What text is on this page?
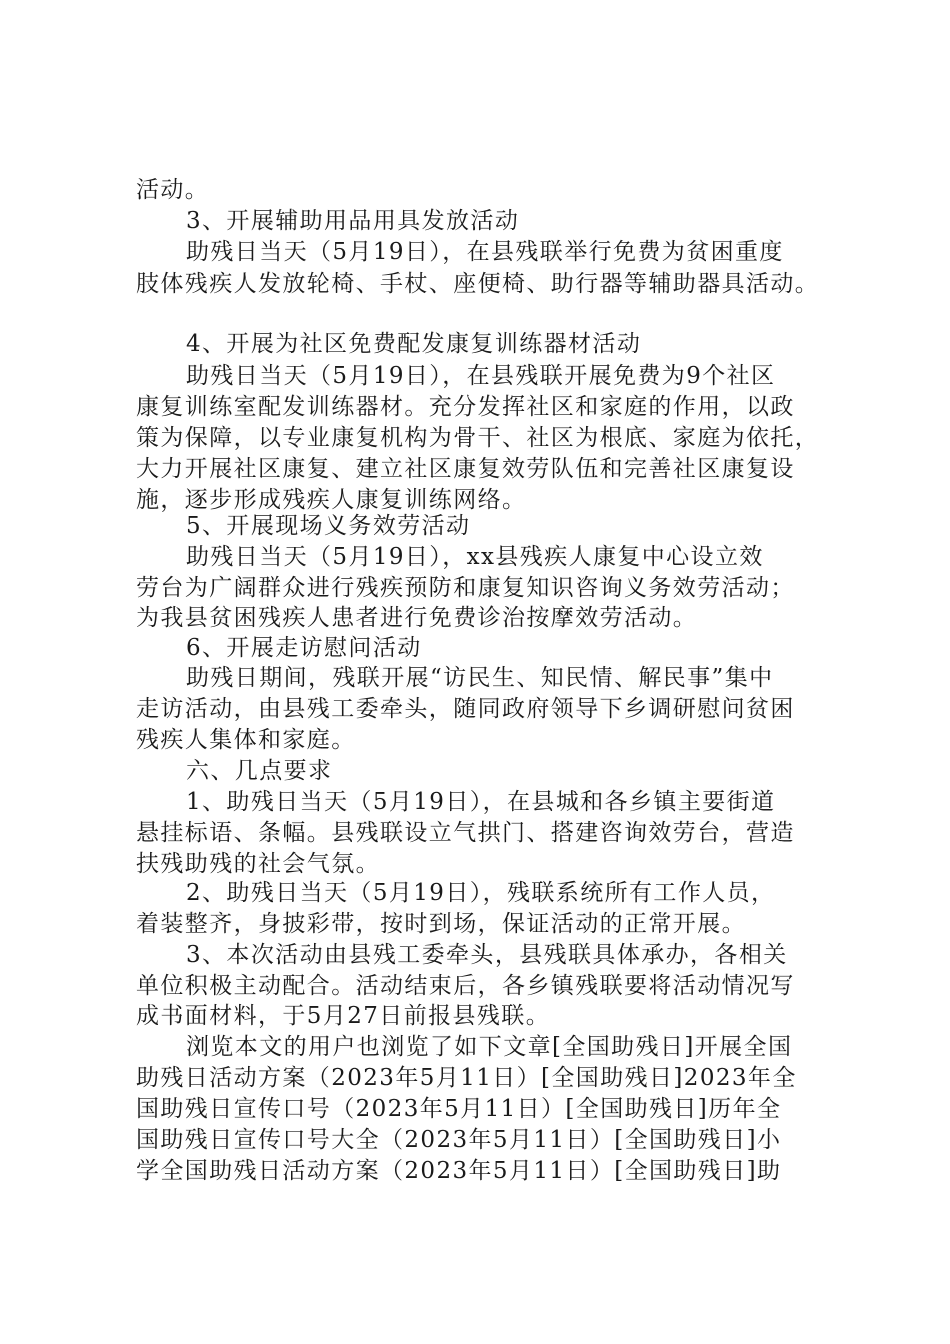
活动。
3、开展辅助用品用具发放活动
助残日当天（5月19日），在县残联举行免费为贫困重度
肢体残疾人发放轮椅、手杖、座便椅、助行器等辅助器具活动。
4、开展为社区免费配发康复训练器材活动
助残日当天（5月19日），在县残联开展免费为9个社区
康复训练室配发训练器材。充分发挥社区和家庭的作用，以政
策为保障，以专业康复机构为骨干、社区为根底、家庭为依托，
大力开展社区康复、建立社区康复效劳队伍和完善社区康复设
施，逐步形成残疾人康复训练网络。
5、开展现场义务效劳活动
助残日当天（5月19日），xx县残疾人康复中心设立效
劳台为广阔群众进行残疾预防和康复知识咨询义务效劳活动；
为我县贫困残疾人患者进行免费诊治按摩效劳活动。
6、开展走访慰问活动
助残日期间，残联开展“访民生、知民情、解民事”集中
走访活动，由县残工委牵头，随同政府领导下乡调研慰问贫困
残疾人集体和家庭。
六、几点要求
1、助残日当天（5月19日），在县城和各乡镇主要街道
悬挂标语、条幅。县残联设立气拱门、搭建咨询效劳台，营造
扶残助残的社会气氛。
2、助残日当天（5月19日），残联系统所有工作人员，
着装整齐，身披彩带，按时到场，保证活动的正常开展。
3、本次活动由县残工委牵头，县残联具体承办，各相关
单位积极主动配合。活动结束后，各乡镇残联要将活动情况写
成书面材料，于5月27日前报县残联。
浏览本文的用户也浏览了如下文章[全国助残日]开展全国
助残日活动方案（2023年5月11日）[全国助残日]2023年全
国助残日宣传口号（2023年5月11日）[全国助残日]历年全
国助残日宣传口号大全（2023年5月11日）[全国助残日]小
学全国助残日活动方案（2023年5月11日）[全国助残日]助
